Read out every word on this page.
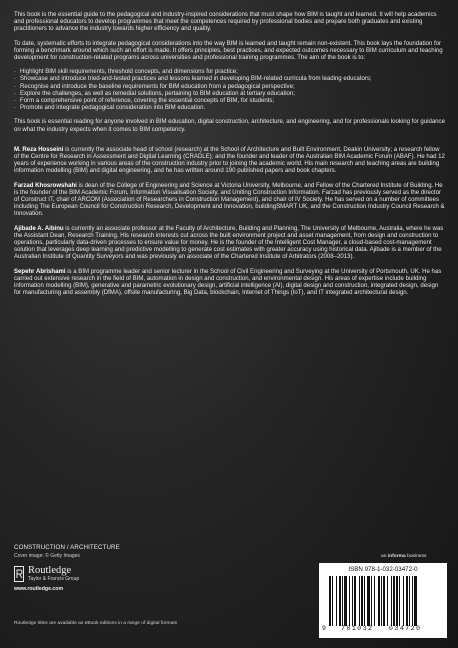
This book is the essential guide to the pedagogical and industry-inspired considerations that must shape how BIM is taught and learned. It will help academics and professional educators to develop programmes that meet the competences required by professional bodies and prepare both graduates and existing practitioners to advance the industry towards higher efficiency and quality.

To date, systematic efforts to integrate pedagogical considerations into the way BIM is learned and taught remain non-existent. This book lays the foundation for forming a benchmark around which such an effort is made. It offers principles, best practices, and expected outcomes necessary to BIM curriculum and teaching development for construction-related programs across universities and professional training programmes. The aim of the book is to:

· Highlight BIM skill requirements, threshold concepts, and dimensions for practice;
· Showcase and introduce tried-and-tested practices and lessons learned in developing BIM-related curricula from leading educators;
· Recognise and introduce the baseline requirements for BIM education from a pedagogical perspective;
· Explore the challenges, as well as remedial solutions, pertaining to BIM education at tertiary education;
· Form a comprehensive point of reference, covering the essential concepts of BIM, for students;
· Promote and integrate pedagogical consideration into BIM education.

This book is essential reading for anyone involved in BIM education, digital construction, architecture, and engineering, and for professionals looking for guidance on what the industry expects when it comes to BIM competency.

M. Reza Hosseini is currently the associate head of school (research) at the School of Architecture and Built Environment, Deakin University; a research fellow of the Centre for Research in Assessment and Digital Learning (CRADLE); and the founder and leader of the Australian BIM Academic Forum (ABAF). He had 12 years of experience working in various areas of the construction industry prior to joining the academic world. His main research and teaching areas are building information modelling (BIM) and digital engineering, and he has written around 190 published papers and book chapters.
Farzad Khosrowshahi is dean of the College of Engineering and Science at Victoria University, Melbourne, and Fellow of the Chartered Institute of Building. He is the founder of the BIM Academic Forum, Information Visualisation Society, and Uniting Construction Information. Farzad has previously served as the director of Construct IT, chair of ARCOM (Association of Researchers in Construction Management), and chair of IV Society. He has served on a number of committees including The European Council for Construction Research, Development and Innovation, buildingSMART UK, and the Construction Industry Council Research & Innovation.
Ajibade A. Aibinu is currently an associate professor at the Faculty of Architecture, Building and Planning, The University of Melbourne, Australia, where he was the Assistant Dean, Research Training. His research interests cut across the built environment project and asset management, from design and construction to operations, particularly data-driven processes to ensure value for money. He is the founder of the Intelligent Cost Manager, a cloud-based cost-management solution that leverages deep learning and predictive modelling to generate cost estimates with greater accuracy using historical data. Ajibade is a member of the Australian Institute of Quantity Surveyors and was previously an associate of the Chartered Institute of Arbitrators (2008–2013).
Sepehr Abrishami is a BIM programme leader and senior lecturer in the School of Civil Engineering and Surveying at the University of Portsmouth, UK. He has carried out extensive research in the field of BIM, automation in design and construction, and environmental design. His areas of expertise include building information modelling (BIM), generative and parametric evolutionary design, artificial intelligence (AI), digital design and construction, integrated design, design for manufacturing and assembly (DfMA), offsite manufacturing, Big Data, blockchain, Internet of Things (IoT), and IT integrated architectural design.
CONSTRUCTION / ARCHITECTURE
Cover image: © Getty Images
Routledge
Taylor & Francis Group
www.routledge.com
Routledge titles are available as eBook editions in a range of digital formats
an informa business
ISBN 978-1-032-03472-0
9 781032 034720
